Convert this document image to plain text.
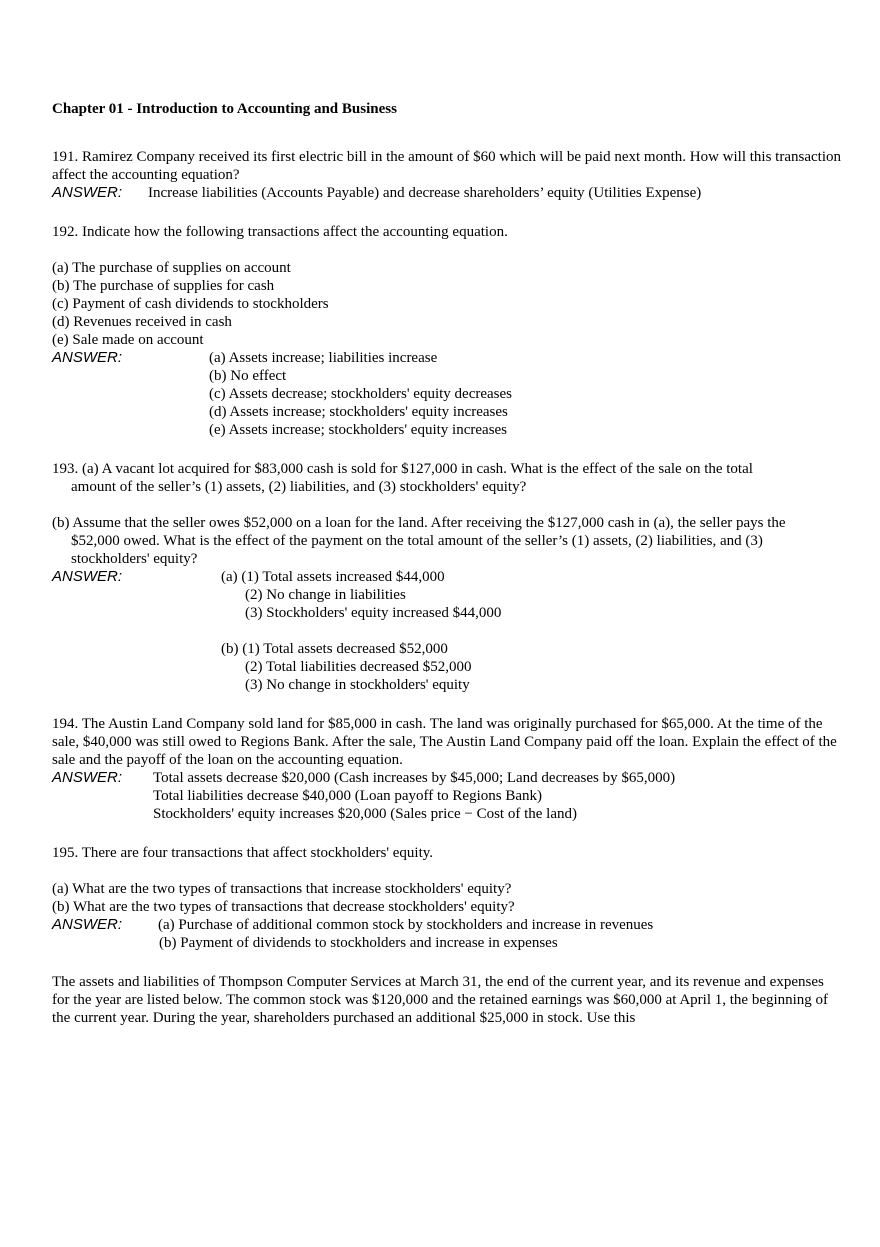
Chapter 01 - Introduction to Accounting and Business

191. Ramirez Company received its first electric bill in the amount of $60 which will be paid next month. How will this transaction affect the accounting equation?

ANSWER:	Increase liabilities (Accounts Payable) and decrease shareholders’ equity (Utilities Expense)

192. Indicate how the following transactions affect the accounting equation.

(a) The purchase of supplies on account
(b) The purchase of supplies for cash
(c) Payment of cash dividends to stockholders
(d) Revenues received in cash
(e) Sale made on account
ANSWER:	(a) Assets increase; liabilities increase
(b) No effect
(c) Assets decrease; stockholders' equity decreases
(d) Assets increase; stockholders' equity increases
(e) Assets increase; stockholders' equity increases

193. (a) A vacant lot acquired for $83,000 cash is sold for $127,000 in cash. What is the effect of the sale on the total amount of the seller’s (1) assets, (2) liabilities, and (3) stockholders' equity?

(b) Assume that the seller owes $52,000 on a loan for the land. After receiving the $127,000 cash in (a), the seller pays the $52,000 owed. What is the effect of the payment on the total amount of the seller’s (1) assets, (2) liabilities, and (3) stockholders' equity?

ANSWER:	(a) (1) Total assets increased $44,000
(2) No change in liabilities
(3) Stockholders' equity increased $44,000
(b) (1) Total assets decreased $52,000
(2) Total liabilities decreased $52,000
(3) No change in stockholders' equity

194. The Austin Land Company sold land for $85,000 in cash. The land was originally purchased for $65,000. At the time of the sale, $40,000 was still owed to Regions Bank. After the sale, The Austin Land Company paid off the loan. Explain the effect of the sale and the payoff of the loan on the accounting equation.

ANSWER:	Total assets decrease $20,000 (Cash increases by $45,000; Land decreases by $65,000)
Total liabilities decrease $40,000 (Loan payoff to Regions Bank)
Stockholders' equity increases $20,000 (Sales price − Cost of the land)

195. There are four transactions that affect stockholders' equity.

(a) What are the two types of transactions that increase stockholders' equity?
(b) What are the two types of transactions that decrease stockholders' equity?
ANSWER:	(a) Purchase of additional common stock by stockholders and increase in revenues
(b) Payment of dividends to stockholders and increase in expenses

The assets and liabilities of Thompson Computer Services at March 31, the end of the current year, and its revenue and expenses for the year are listed below. The common stock was $120,000 and the retained earnings was $60,000 at April 1, the beginning of the current year. During the year, shareholders purchased an additional $25,000 in stock. Use this
